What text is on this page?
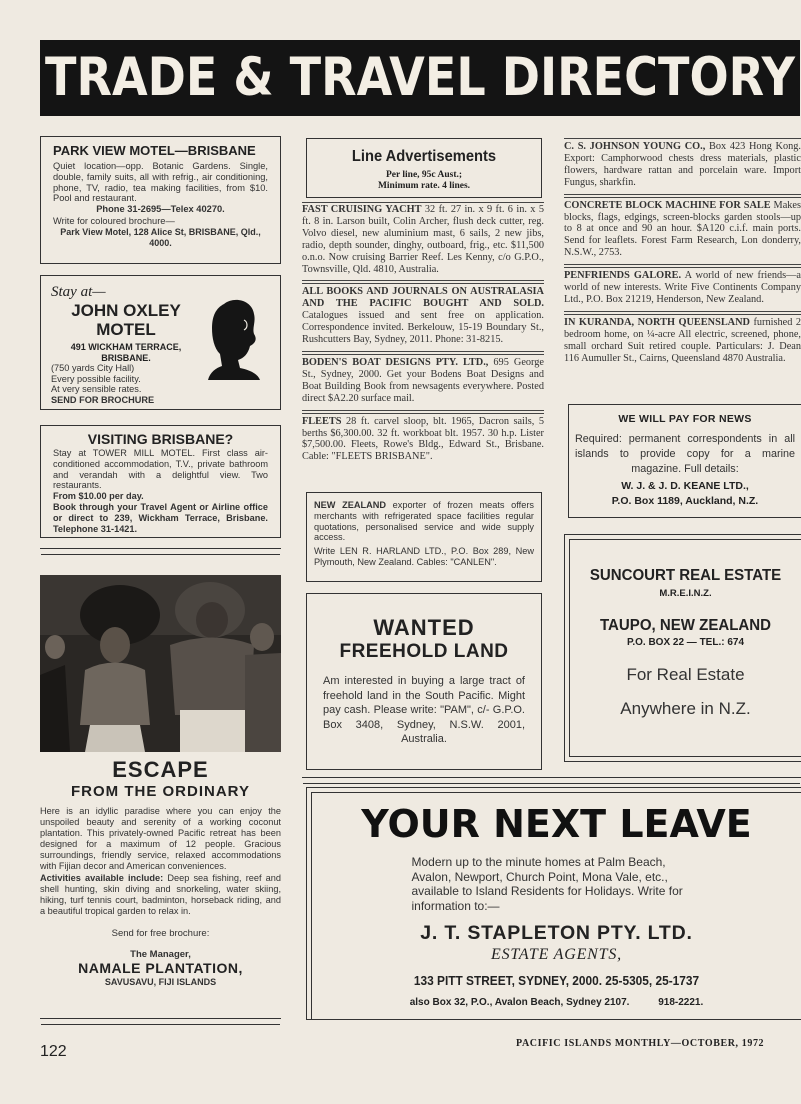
TRADE & TRAVEL DIRECTORY
PARK VIEW MOTEL—BRISBANE

Quiet location—opp. Botanic Gardens. Single, double, family suits, all with refrig., air conditioning, phone, TV, radio, tea making facilities, from $10. Pool and restaurant.

Phone 31-2695—Telex 40270.

Write for coloured brochure—

Park View Motel, 128 Alice St, BRISBANE, Qld., 4000.

Stay at—
JOHN OXLEY
MOTEL
491 WICKHAM TERRACE,
BRISBANE.
(750 yards City Hall)
Every possible facility.
At very sensible rates.
SEND FOR BROCHURE
VISITING BRISBANE?

Stay at TOWER MILL MOTEL. First class air-conditioned accommodation, T.V., private bathroom and verandah with a delightful view. Two restaurants.

From $10.00 per day.

Book through your Travel Agent or Airline office or direct to 239, Wickham Terrace, Brisbane. Telephone 31-1421.

ESCAPE
FROM THE ORDINARY

Here is an idyllic paradise where you can enjoy the unspoiled beauty and serenity of a working coconut plantation. This privately-owned Pacific retreat has been designed for a maximum of 12 people. Gracious surroundings, friendly service, relaxed accommodations with Fijian decor and American conveniences.

Activities available include: Deep sea fishing, reef and shell hunting, skin diving and snorkeling, water skiing, hiking, turf tennis court, badminton, horseback riding, and a beautiful tropical garden to relax in.

Send for free brochure:

The Manager,

NAMALE PLANTATION,

SAVUSAVU, FIJI ISLANDS

Line Advertisements
Per line, 95c Aust.;
Minimum rate. 4 lines.

FAST CRUISING YACHT 32 ft. 27 in. x 9 ft. 6 in. x 5 ft. 8 in. Larson built, Colin Archer, flush deck cutter, reg. Volvo diesel, new aluminium mast, 6 sails, 2 new jibs, radio, depth sounder, dinghy, outboard, frig., etc. $11,500 o.n.o. Now cruising Barrier Reef. Les Kenny, c/o G.P.O., Townsville, Qld. 4810, Australia.

ALL BOOKS AND JOURNALS ON AUSTRALASIA AND THE PACIFIC BOUGHT AND SOLD. Catalogues issued and sent free on application. Correspondence invited. Berkelouw, 15-19 Boundary St., Rushcutters Bay, Sydney, 2011. Phone: 31-8215.

BODEN'S BOAT DESIGNS PTY. LTD., 695 George St., Sydney, 2000. Get your Bodens Boat Designs and Boat Building Book from newsagents everywhere. Posted direct $A2.20 surface mail.

FLEETS 28 ft. carvel sloop, blt. 1965, Dacron sails, 5 berths $6,300.00. 32 ft. workboat blt. 1957. 30 h.p. Lister $7,500.00. Fleets, Rowe's Bldg., Edward St., Brisbane. Cable: "FLEETS BRISBANE".

NEW ZEALAND exporter of frozen meats offers merchants with refrigerated space facilities regular quotations, personalised service and wide supply access.

Write LEN R. HARLAND LTD., P.O. Box 289, New Plymouth, New Zealand. Cables: "CANLEN".

WANTED
FREEHOLD LAND

Am interested in buying a large tract of freehold land in the South Pacific. Might pay cash. Please write: "PAM", c/- G.P.O. Box 3408, Sydney, N.S.W. 2001, Australia.

C. S. JOHNSON YOUNG CO., Box 423 Hong Kong. Export: Camphorwood chests dress materials, plastic flowers, hardware rattan and porcelain ware. Import Fungus, sharkfin.

CONCRETE BLOCK MACHINE FOR SALE Makes blocks, flags, edgings, screen-blocks garden stools—up to 8 at once and 90 an hour. $A120 c.i.f. main ports. Send for leaflets. Forest Farm Research, Lon donderry, N.S.W., 2753.

PENFRIENDS GALORE. A world of new friends—a world of new interests. Write Five Continents Company Ltd., P.O. Box 21219, Henderson, New Zealand.

IN KURANDA, NORTH QUEENSLAND furnished 2 bedroom home, on ¼-acre All electric, screened, phone, small orchard Suit retired couple. Particulars: J. Dean 116 Aumuller St., Cairns, Queensland 4870 Australia.

WE WILL PAY FOR NEWS

Required: permanent correspondents in all islands to provide copy for a marine magazine. Full details:

W. J. & J. D. KEANE LTD.,

P.O. Box 1189, Auckland, N.Z.

SUNCOURT REAL ESTATE
M.R.E.I.N.Z.
TAUPO, NEW ZEALAND
P.O. BOX 22 — TEL.: 674
For Real Estate
Anywhere in N.Z.
YOUR NEXT LEAVE

Modern up to the minute homes at Palm Beach, Avalon, Newport, Church Point, Mona Vale, etc., available to Island Residents for Holidays. Write for information to:—

J. T. STAPLETON PTY. LTD.
ESTATE AGENTS,
133 PITT STREET, SYDNEY, 2000. 25-5305, 25-1737
also Box 32, P.O., Avalon Beach, Sydney 2107.	918-2221.
122	PACIFIC ISLANDS MONTHLY—OCTOBER, 1972
